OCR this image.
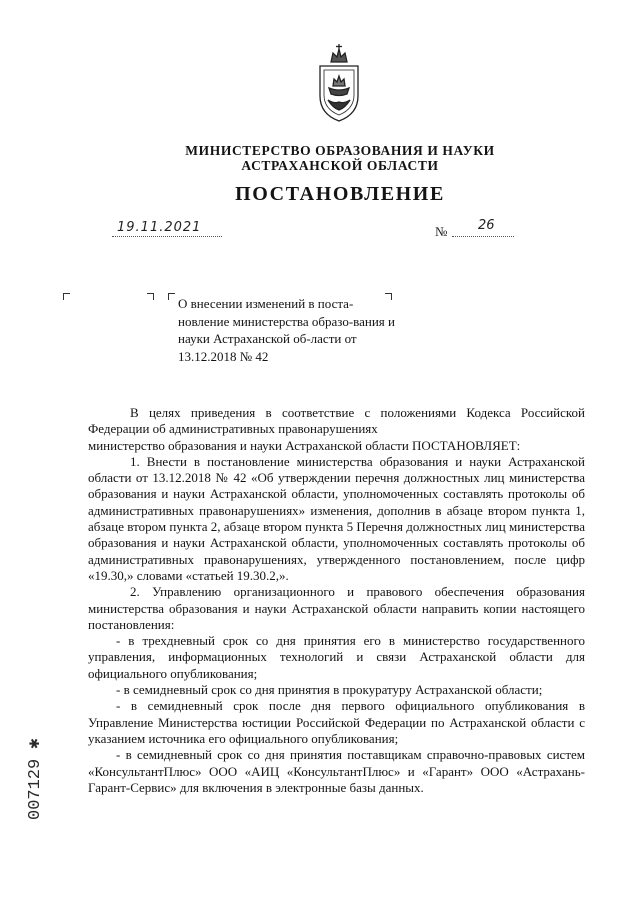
МИНИСТЕРСТВО ОБРАЗОВАНИЯ И НАУКИ
АСТРАХАНСКОЙ ОБЛАСТИ
ПОСТАНОВЛЕНИЕ
19.11.2021	№ 26
О внесении изменений в поста-новление министерства образо-вания и науки Астраханской об-ласти от 13.12.2018 № 42

В целях приведения в соответствие с положениями Кодекса Российской Федерации об административных правонарушениях

министерство образования и науки Астраханской области ПОСТАНОВЛЯЕТ:

1. Внести в постановление министерства образования и науки Астраханской области от 13.12.2018 № 42 «Об утверждении перечня должностных лиц министерства образования и науки Астраханской области, уполномоченных составлять протоколы об административных правонарушениях» изменения, дополнив в абзаце втором пункта 1, абзаце втором пункта 2, абзаце втором пункта 5 Перечня должностных лиц министерства образования и науки Астраханской области, уполномоченных составлять протоколы об административных правонарушениях, утвержденного постановлением, после цифр «19.30,» словами «статьей 19.30.2,».

2. Управлению организационного и правового обеспечения образования министерства образования и науки Астраханской области направить копии настоящего постановления:

- в трехдневный срок со дня принятия его в министерство государственного управления, информационных технологий и связи Астраханской области для официального опубликования;

- в семидневный срок со дня принятия в прокуратуру Астраханской области;

- в семидневный срок после дня первого официального опубликования в Управление Министерства юстиции Российской Федерации по Астраханской области с указанием источника его официального опубликования;

- в семидневный срок со дня принятия поставщикам справочно-правовых систем «КонсультантПлюс» ООО «АИЦ «КонсультантПлюс» и «Гарант» ООО «Астрахань-Гарант-Сервис» для включения в электронные базы данных.

007129 ✱
